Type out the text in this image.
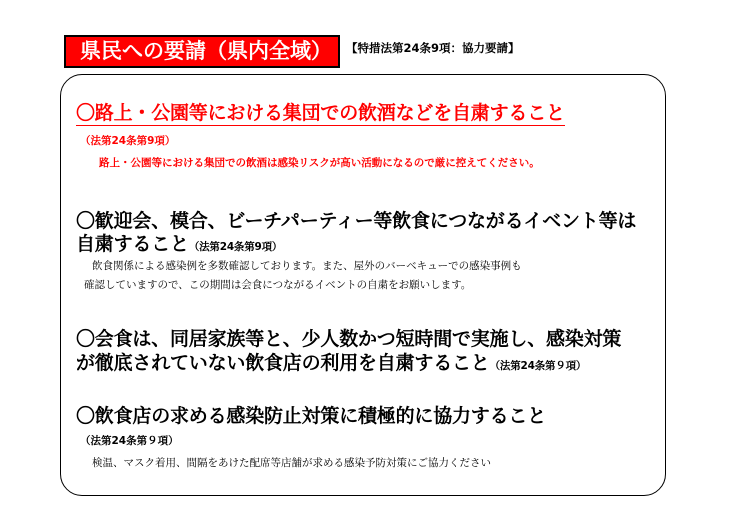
県民への要請（県内全域）	【特措法第24条9項：協力要請】
〇路上・公園等における集団での飲酒などを自粛すること
（法第24条第9項）
路上・公園等における集団での飲酒は感染リスクが高い活動になるので厳に控えてください。
〇歓迎会、模合、ビーチパーティー等飲食につながるイベント等は
自粛すること（法第24条第9項）
飲食関係による感染例を多数確認しております。また、屋外のバーベキューでの感染事例も
確認していますので、この期間は会食につながるイベントの自粛をお願いします。
〇会食は、同居家族等と、少人数かつ短時間で実施し、感染対策
が徹底されていない飲食店の利用を自粛すること（法第24条第９項）
〇飲食店の求める感染防止対策に積極的に協力すること
（法第24条第９項）
検温、マスク着用、間隔をあけた配席等店舗が求める感染予防対策にご協力ください
